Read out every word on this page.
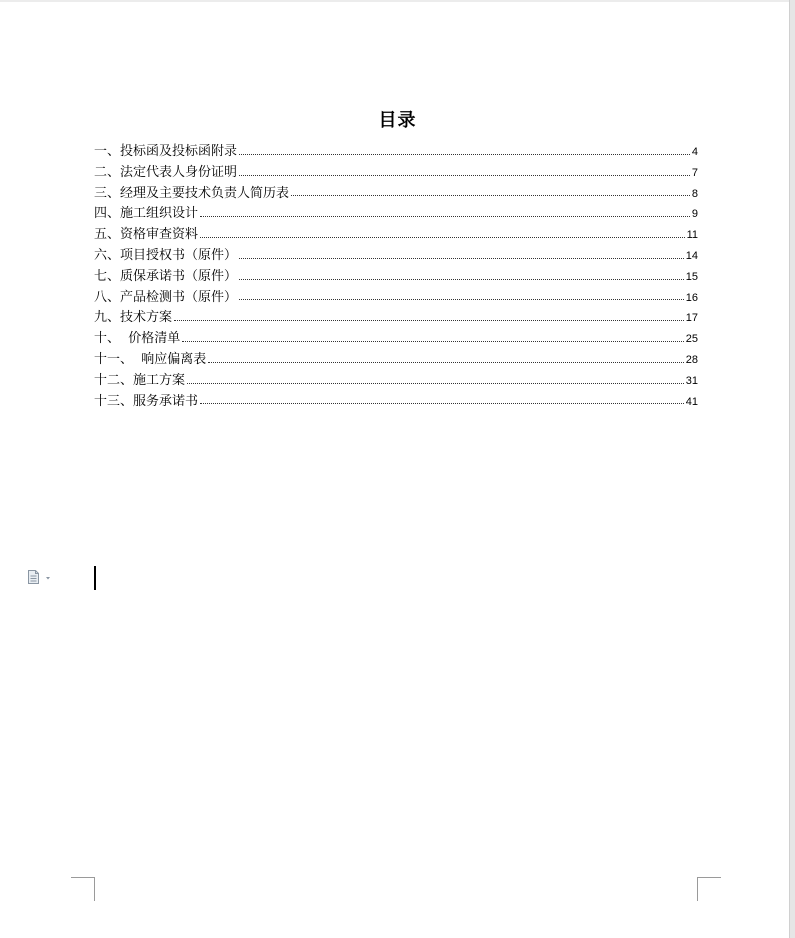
目录
一、投标函及投标函附录	4
二、法定代表人身份证明	7
三、经理及主要技术负责人简历表	8
四、施工组织设计	9
五、资格审查资料	11
六、项目授权书（原件）	14
七、质保承诺书（原件）	15
八、产品检测书（原件）	16
九、技术方案	17
十、  价格清单	25
十一、  响应偏离表	28
十二、施工方案	31
十三、服务承诺书	41
